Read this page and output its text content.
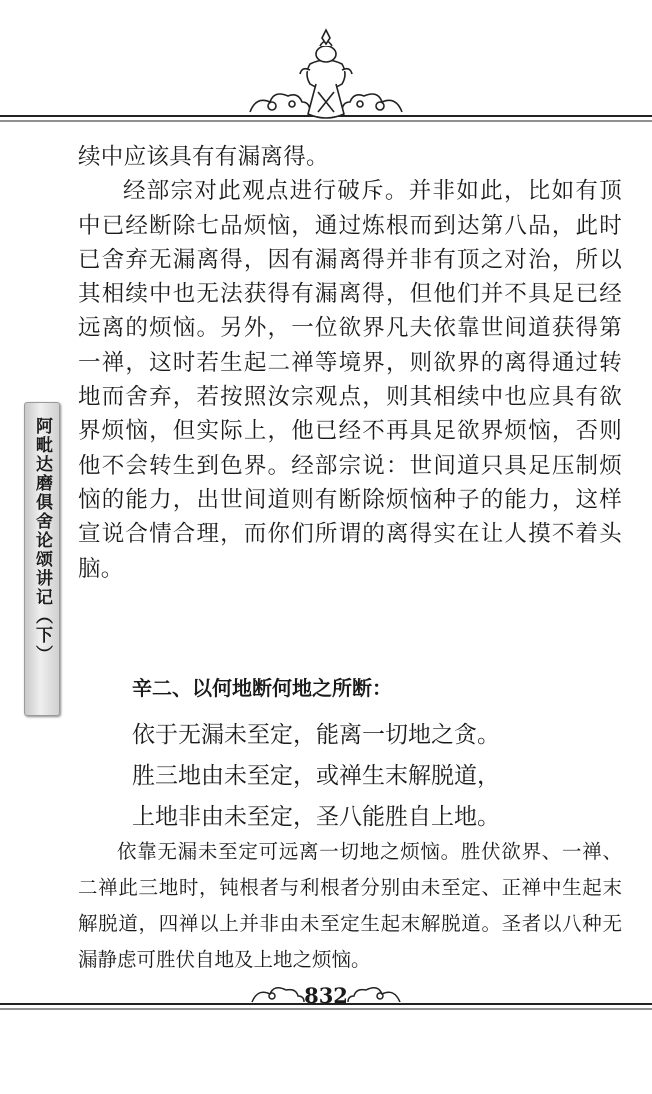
阿毗达磨俱舍论颂讲记（下）

续中应该具有有漏离得。

经部宗对此观点进行破斥。并非如此，比如有顶中已经断除七品烦恼，通过炼根而到达第八品，此时已舍弃无漏离得，因有漏离得并非有顶之对治，所以其相续中也无法获得有漏离得，但他们并不具足已经远离的烦恼。另外，一位欲界凡夫依靠世间道获得第一禅，这时若生起二禅等境界，则欲界的离得通过转地而舍弃，若按照汝宗观点，则其相续中也应具有欲界烦恼，但实际上，他已经不再具足欲界烦恼，否则他不会转生到色界。经部宗说：世间道只具足压制烦恼的能力，出世间道则有断除烦恼种子的能力，这样宣说合情合理，而你们所谓的离得实在让人摸不着头脑。

辛二、以何地断何地之所断：
依于无漏未至定，能离一切地之贪。
胜三地由未至定，或禅生末解脱道，
上地非由未至定，圣八能胜自上地。

依靠无漏未至定可远离一切地之烦恼。胜伏欲界、一禅、二禅此三地时，钝根者与利根者分别由未至定、正禅中生起末解脱道，四禅以上并非由未至定生起末解脱道。圣者以八种无漏静虑可胜伏自地及上地之烦恼。

832
